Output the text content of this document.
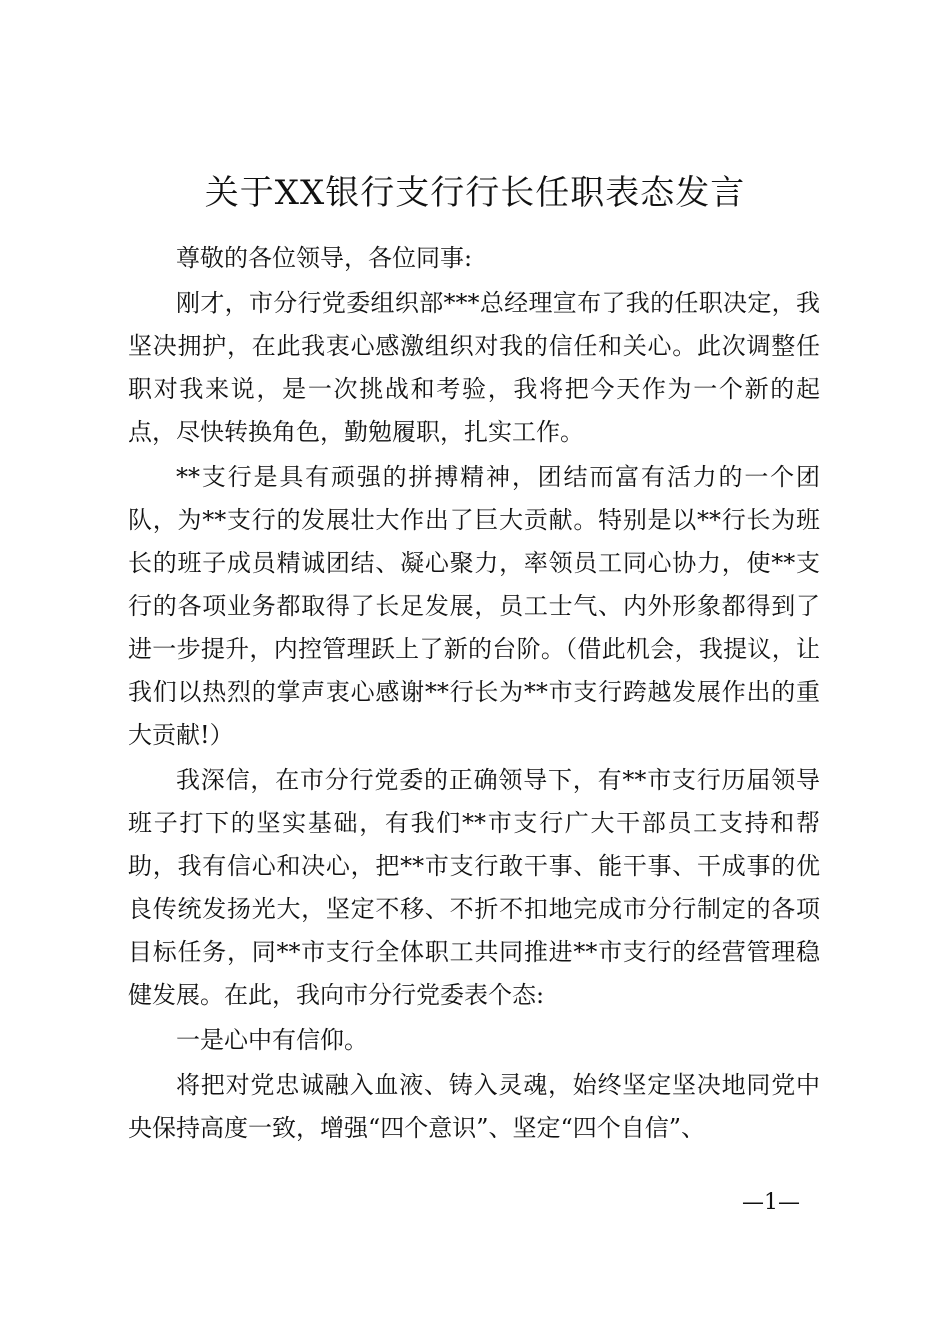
关于XX银行支行行长任职表态发言

尊敬的各位领导，各位同事:

刚才，市分行党委组织部***总经理宣布了我的任职决定，我坚决拥护，在此我衷心感激组织对我的信任和关心。此次调整任职对我来说，是一次挑战和考验，我将把今天作为一个新的起点，尽快转换角色，勤勉履职，扎实工作。

**支行是具有顽强的拼搏精神，团结而富有活力的一个团队，为**支行的发展壮大作出了巨大贡献。特别是以**行长为班长的班子成员精诚团结、凝心聚力，率领员工同心协力，使**支行的各项业务都取得了长足发展，员工士气、内外形象都得到了进一步提升，内控管理跃上了新的台阶。（借此机会，我提议，让我们以热烈的掌声衷心感谢**行长为**市支行跨越发展作出的重大贡献!）

我深信，在市分行党委的正确领导下，有**市支行历届领导班子打下的坚实基础，有我们**市支行广大干部员工支持和帮助，我有信心和决心，把**市支行敢干事、能干事、干成事的优良传统发扬光大，坚定不移、不折不扣地完成市分行制定的各项目标任务，同**市支行全体职工共同推进**市支行的经营管理稳健发展。在此，我向市分行党委表个态:

一是心中有信仰。

将把对党忠诚融入血液、铸入灵魂，始终坚定坚决地同党中央保持高度一致，增强“四个意识”、坚定“四个自信”、

—1—
